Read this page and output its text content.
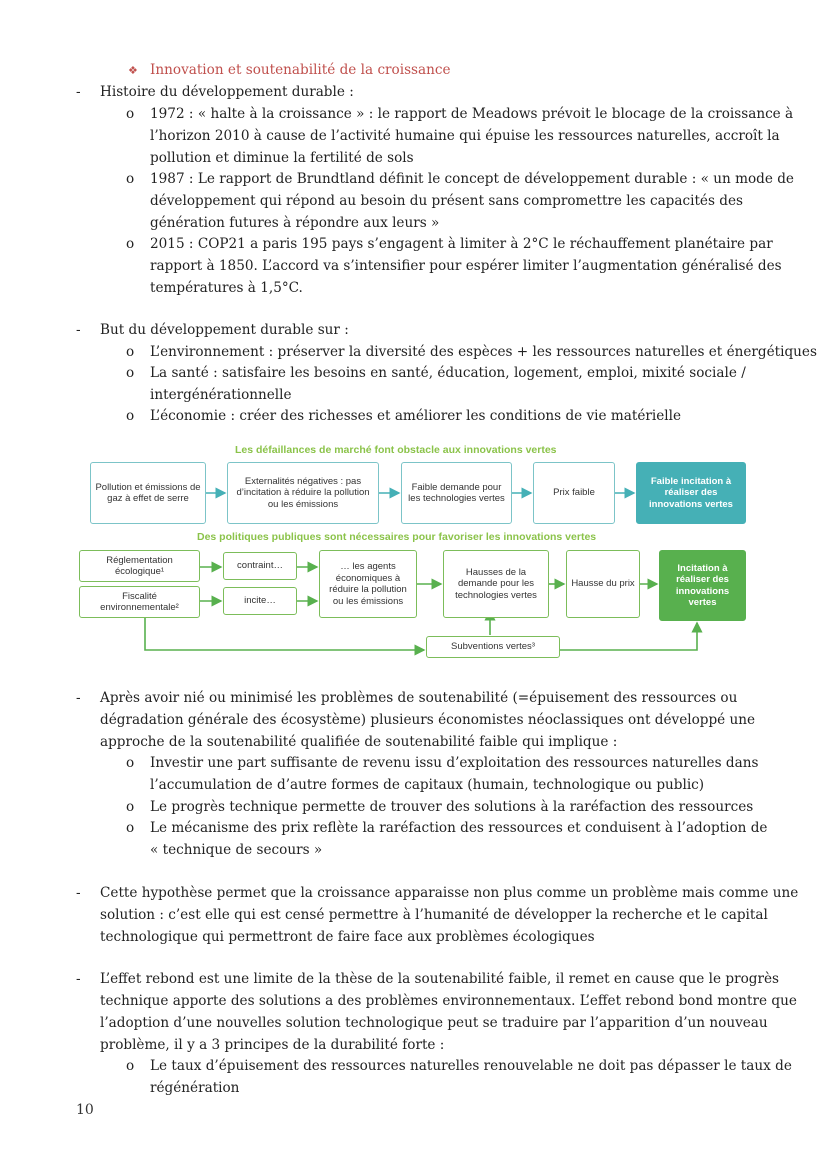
❖ Innovation et soutenabilité de la croissance
- Histoire du développement durable :
o 1972 : « halte à la croissance » : le rapport de Meadows prévoit le blocage de la croissance à
l’horizon 2010 à cause de l’activité humaine qui épuise les ressources naturelles, accroît la
pollution et diminue la fertilité de sols
o 1987 : Le rapport de Brundtland définit le concept de développement durable : « un mode de
développement qui répond au besoin du présent sans compromettre les capacités des
génération futures à répondre aux leurs »
o 2015 : COP21 a paris 195 pays s’engagent à limiter à 2°C le réchauffement planétaire par
rapport à 1850. L’accord va s’intensifier pour espérer limiter l’augmentation généralisé des
températures à 1,5°C.
- But du développement durable sur :
o L’environnement : préserver la diversité des espèces + les ressources naturelles et énergétiques
o La santé : satisfaire les besoins en santé, éducation, logement, emploi, mixité sociale /
intergénérationnelle
o L’économie : créer des richesses et améliorer les conditions de vie matérielle
Les défaillances de marché font obstacle aux innovations vertes
Pollution et émissions de gaz à effet de serre
Externalités négatives : pas d’incitation à réduire la pollution ou les émissions
Faible demande pour les technologies vertes
Prix faible
Faible incitation à réaliser des innovations vertes
Des politiques publiques sont nécessaires pour favoriser les innovations vertes
Réglementation écologique¹
Fiscalité environnementale²
contraint…
incite…
… les agents économiques à réduire la pollution ou les émissions
Hausses de la demande pour les technologies vertes
Hausse du prix
Incitation à réaliser des innovations vertes
Subventions vertes³
- Après avoir nié ou minimisé les problèmes de soutenabilité (=épuisement des ressources ou
dégradation générale des écosystème) plusieurs économistes néoclassiques ont développé une
approche de la soutenabilité qualifiée de soutenabilité faible qui implique :
o Investir une part suffisante de revenu issu d’exploitation des ressources naturelles dans
l’accumulation de d’autre formes de capitaux (humain, technologique ou public)
o Le progrès technique permette de trouver des solutions à la raréfaction des ressources
o Le mécanisme des prix reflète la raréfaction des ressources et conduisent à l’adoption de
« technique de secours »
- Cette hypothèse permet que la croissance apparaisse non plus comme un problème mais comme une
solution : c’est elle qui est censé permettre à l’humanité de développer la recherche et le capital
technologique qui permettront de faire face aux problèmes écologiques
- L’effet rebond est une limite de la thèse de la soutenabilité faible, il remet en cause que le progrès
technique apporte des solutions a des problèmes environnementaux. L’effet rebond bond montre que
l’adoption d’une nouvelles solution technologique peut se traduire par l’apparition d’un nouveau
problème, il y a 3 principes de la durabilité forte :
o Le taux d’épuisement des ressources naturelles renouvelable ne doit pas dépasser le taux de
régénération
10
